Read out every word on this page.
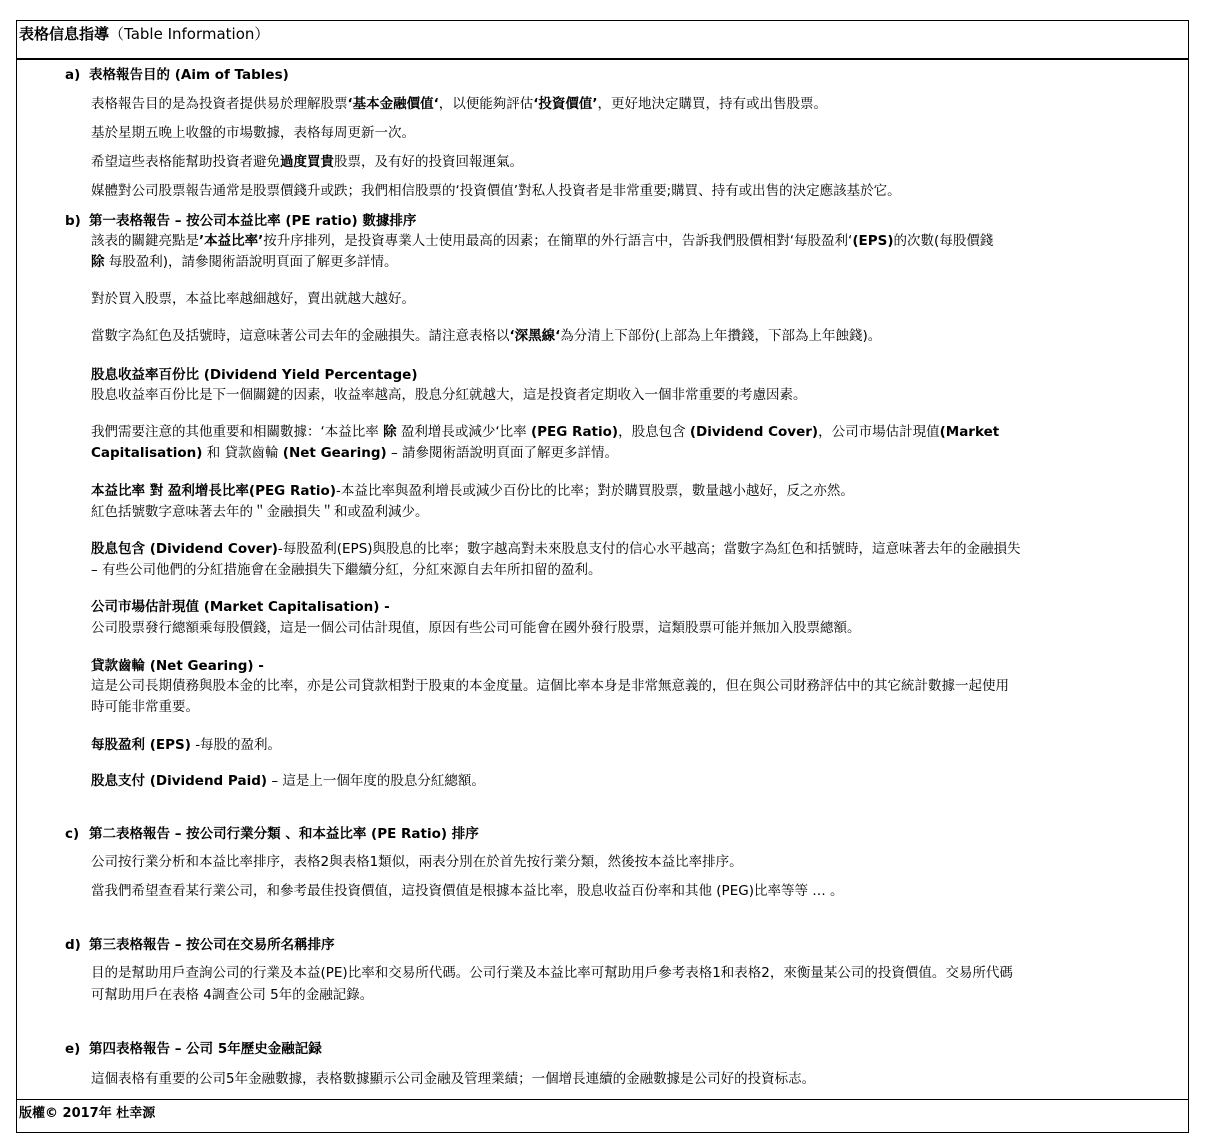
表格信息指導（Table Information）
a) 表格報告目的 (Aim of Tables)
表格報告目的是為投資者提供易於理解股票‘基本金融價值‘，以便能夠評估‘投資價值’，更好地決定購買，持有或出售股票。
基於星期五晚上收盤的市場數據，表格每周更新一次。
希望這些表格能幫助投資者避免過度買貴股票，及有好的投資回報運氣。
媒體對公司股票報告通常是股票價錢升或跌；我們相信股票的‘投資價值’對私人投資者是非常重要;購買、持有或出售的決定應該基於它。
b) 第一表格報告 – 按公司本益比率 (PE ratio) 數據排序
該表的關鍵亮點是’本益比率’按升序排列，是投資專業人士使用最高的因素；在簡單的外行語言中，告訴我們股價相對‘每股盈利‘(EPS)的次數(每股價錢
除 每股盈利)，請參閱術語說明頁面了解更多詳情。
對於買入股票，本益比率越細越好，賣出就越大越好。
當數字為紅色及括號時，這意味著公司去年的金融損失。請注意表格以‘深黑線‘為分清上下部份(上部為上年攢錢，下部為上年蝕錢)。
股息收益率百份比 (Dividend Yield Percentage)
股息收益率百份比是下一個關鍵的因素，收益率越高，股息分紅就越大，這是投資者定期收入一個非常重要的考慮因素。
我們需要注意的其他重要和相關數據：‘本益比率 除 盈利增長或減少‘比率 (PEG Ratio)，股息包含 (Dividend Cover)，公司市場估計現值(Market
Capitalisation) 和 貸款齒輪 (Net Gearing) – 請參閱術語說明頁面了解更多詳情。
本益比率 對 盈利增長比率(PEG Ratio)-本益比率與盈利增長或減少百份比的比率；對於購買股票，數量越小越好，反之亦然。
紅色括號數字意味著去年的＂金融損失＂和或盈利減少。
股息包含 (Dividend Cover)-每股盈利(EPS)與股息的比率；數字越高對未來股息支付的信心水平越高；當數字為紅色和括號時，這意味著去年的金融損失
– 有些公司他們的分紅措施會在金融損失下繼續分紅，分紅來源自去年所扣留的盈利。
公司市場估計現值 (Market Capitalisation) -
公司股票發行總額乘每股價錢，這是一個公司估計現值，原因有些公司可能會在國外發行股票，這類股票可能并無加入股票總額。
貸款齒輪 (Net Gearing) -
這是公司長期債務與股本金的比率，亦是公司貸款相對于股東的本金度量。這個比率本身是非常無意義的，但在與公司財務評估中的其它統計數據一起使用
時可能非常重要。
每股盈利 (EPS) -每股的盈利。
股息支付 (Dividend Paid) – 這是上一個年度的股息分紅總額。
c) 第二表格報告 – 按公司行業分類 、和本益比率 (PE Ratio) 排序
公司按行業分析和本益比率排序，表格2與表格1類似，兩表分別在於首先按行業分類，然後按本益比率排序。
當我們希望查看某行業公司，和參考最佳投資價值，這投資價值是根據本益比率，股息收益百份率和其他 (PEG)比率等等 … 。
d) 第三表格報告 – 按公司在交易所名稱排序
目的是幫助用戶查詢公司的行業及本益(PE)比率和交易所代碼。公司行業及本益比率可幫助用戶參考表格1和表格2，來衡量某公司的投資價值。交易所代碼
可幫助用戶在表格 4調查公司 5年的金融記錄。
e) 第四表格報告 – 公司 5年歷史金融記録
這個表格有重要的公司5年金融數據，表格數據顯示公司金融及管理業績；一個增長連續的金融數據是公司好的投資标志。
版權© 2017年 杜幸源
